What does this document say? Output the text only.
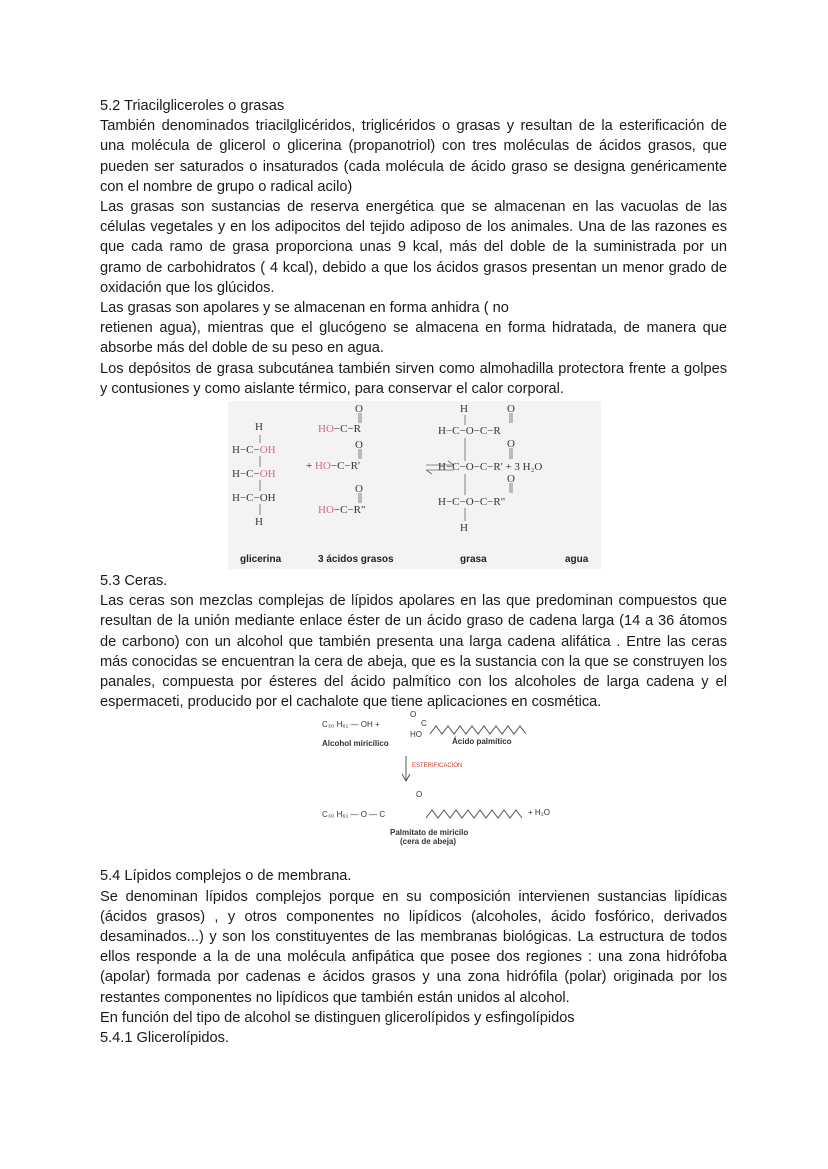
5.2 Triacilgliceroles o grasas

También denominados triacilglicéridos, triglicéridos o grasas y resultan de la esterificación de una molécula de glicerol o glicerina (propanotriol) con tres moléculas de ácidos grasos, que pueden ser saturados o insaturados (cada molécula de ácido graso se designa genéricamente con el nombre de grupo o radical acilo)

Las grasas son sustancias de reserva energética que se almacenan en las vacuolas de las células vegetales y en los adipocitos del tejido adiposo de los animales. Una de las razones es que cada ramo de grasa proporciona unas 9 kcal, más del doble de la suministrada por un gramo de carbohidratos ( 4 kcal), debido a que los ácidos grasos presentan un menor grado de oxidación que los glúcidos.

Las grasas son apolares y se almacenan en forma anhidra ( no

retienen agua), mientras que el glucógeno se almacena en forma hidratada, de manera que absorbe más del doble de su peso en agua.

Los depósitos de grasa subcutánea también sirven como almohadilla protectora frente a golpes y contusiones y como aislante térmico, para conservar el calor corporal.

H
H−C−OH
H−C−OH
H−C−OH
H
O
HO−C−R
O
+ HO−C−R'
O
HO−C−R"
H	O
H−C−O−C−R
O
H−C−O−C−R' + 3 H₂O
O
H−C−O−C−R"
H
glicerina	3 ácidos grasos	grasa	agua

5.3 Ceras.

Las ceras son mezclas complejas de lípidos apolares en las que predominan compuestos que resultan de la unión mediante enlace éster de un ácido graso de cadena larga (14 a 36 átomos de carbono) con un alcohol que también presenta una larga cadena alifática . Entre las ceras más conocidas se encuentran la cera de abeja, que es la sustancia con la que se construyen los panales, compuesta por ésteres del ácido palmítico con los alcoholes de larga cadena y el espermaceti, producido por el cachalote que tiene aplicaciones en cosmética.

O
C₃₀ H₆₁ — OH +
HO
C
Alcohol miricílico	Ácido palmítico
ESTERIFICACIÓN
O
C₃₀ H₆₁ — O — C	+ H₂O
Palmitato de miricilo
(cera de abeja)

5.4 Lípidos complejos o de membrana.

Se denominan lípidos complejos porque en su composición intervienen sustancias lipídicas (ácidos grasos) , y otros componentes no lipídicos (alcoholes, ácido fosfórico, derivados desaminados...) y son los constituyentes de las membranas biológicas. La estructura de todos ellos responde a la de una molécula anfipática que posee dos regiones : una zona hidrófoba (apolar) formada por cadenas e ácidos grasos y una zona hidrófila (polar) originada por los restantes componentes no lipídicos que también están unidos al alcohol.

En función del tipo de alcohol se distinguen glicerolípidos y esfingolípidos

5.4.1 Glicerolípidos.
